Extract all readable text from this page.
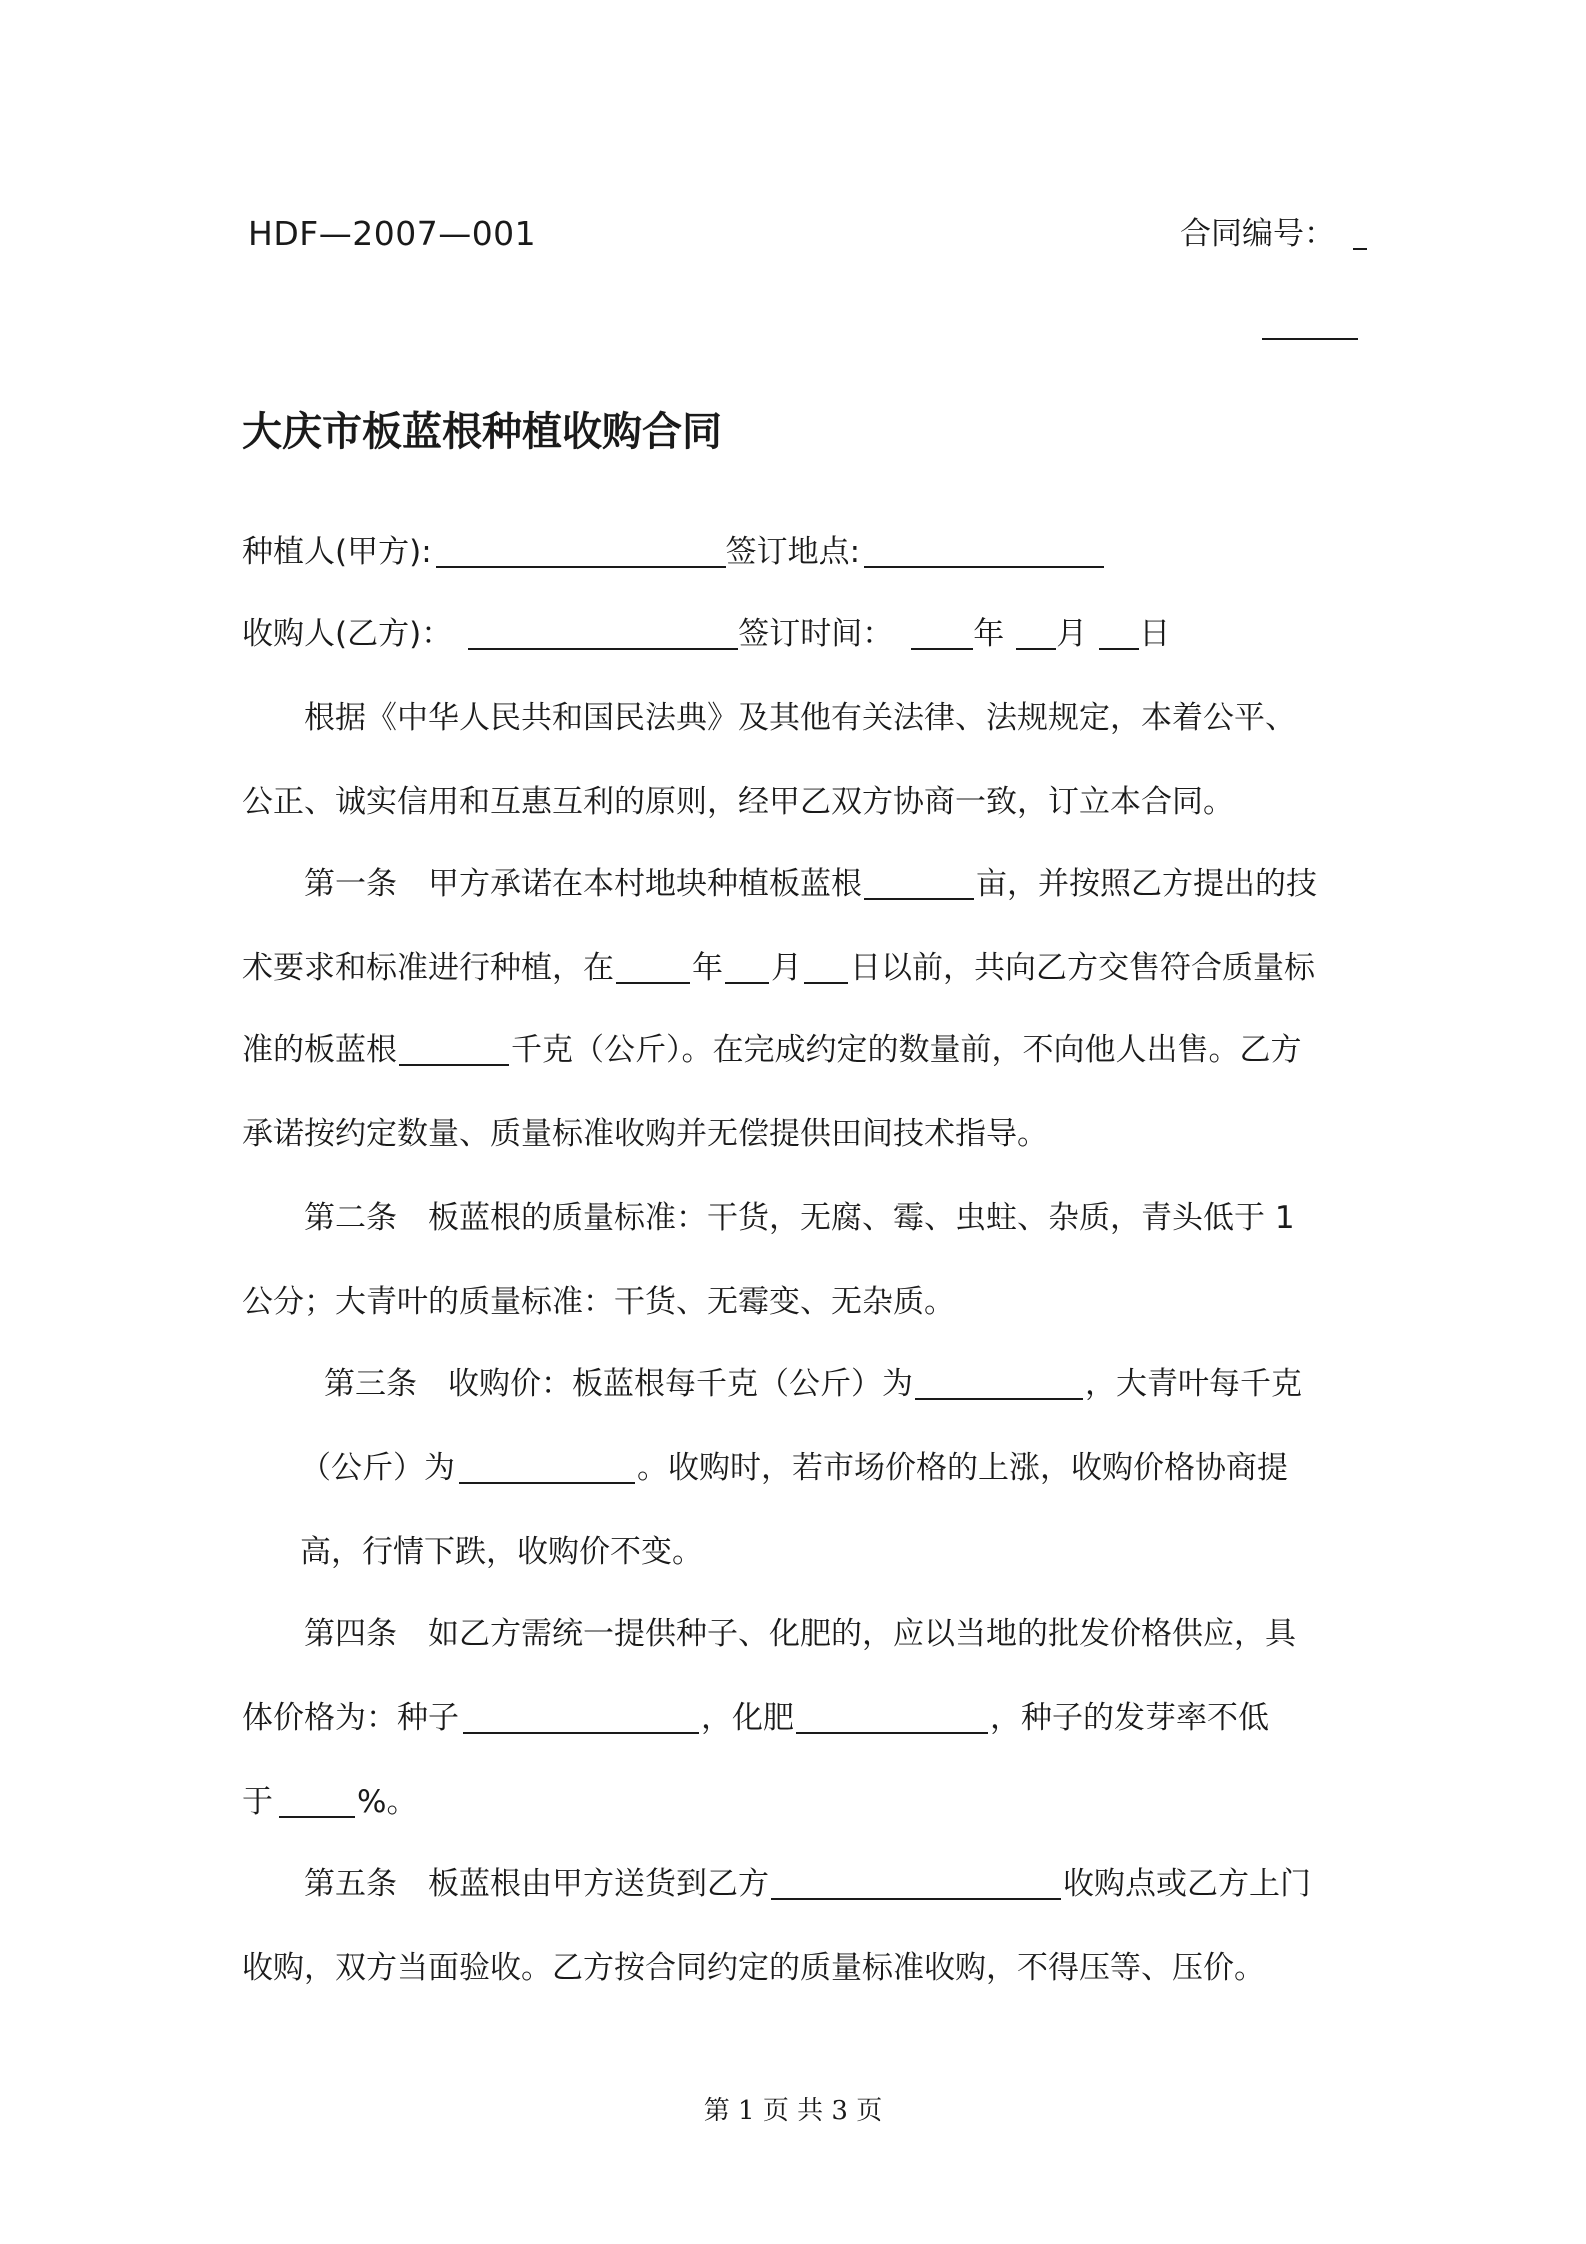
HDF—2007—001	合同编号：
大庆市板蓝根种植收购合同
种植人(甲方):	签订地点:
收购人(乙方)：	签订时间：	年 月 日
根据《中华人民共和国民法典》及其他有关法律、法规规定，本着公平、
公正、诚实信用和互惠互利的原则，经甲乙双方协商一致，订立本合同。
第一条　甲方承诺在本村地块种植板蓝根	亩，并按照乙方提出的技
术要求和标准进行种植，在	年 月 日以前，共向乙方交售符合质量标
准的板蓝根	千克（公斤）。在完成约定的数量前，不向他人出售。乙方
承诺按约定数量、质量标准收购并无偿提供田间技术指导。
第二条　板蓝根的质量标准：干货，无腐、霉、虫蛀、杂质，青头低于 1
公分；大青叶的质量标准：干货、无霉变、无杂质。
第三条　收购价：板蓝根每千克（公斤）为	，大青叶每千克
（公斤）为	。收购时，若市场价格的上涨，收购价格协商提
高，行情下跌，收购价不变。
第四条　如乙方需统一提供种子、化肥的，应以当地的批发价格供应，具
体价格为：种子	，化肥	，种子的发芽率不低
于	%。
第五条　板蓝根由甲方送货到乙方	收购点或乙方上门
收购，双方当面验收。乙方按合同约定的质量标准收购，不得压等、压价。
第 1 页 共 3 页
